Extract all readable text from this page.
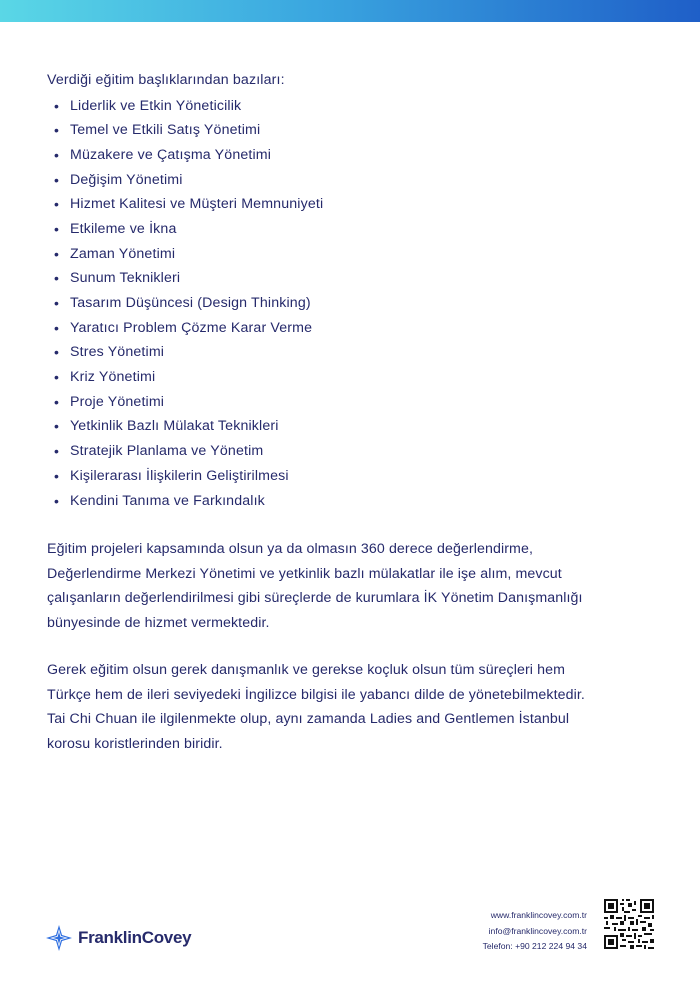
Verdiği eğitim başlıklarından bazıları:

• Liderlik ve Etkin Yöneticilik
• Temel ve Etkili Satış Yönetimi
• Müzakere ve Çatışma Yönetimi
• Değişim Yönetimi
• Hizmet Kalitesi ve Müşteri Memnuniyeti
• Etkileme ve İkna
• Zaman Yönetimi
• Sunum Teknikleri
• Tasarım Düşüncesi (Design Thinking)
• Yaratıcı Problem Çözme Karar Verme
• Stres Yönetimi
• Kriz Yönetimi
• Proje Yönetimi
• Yetkinlik Bazlı Mülakat Teknikleri
• Stratejik Planlama ve Yönetim
• Kişilerarası İlişkilerin Geliştirilmesi
• Kendini Tanıma ve Farkındalık
Eğitim projeleri kapsamında olsun ya da olmasın 360 derece değerlendirme,
Değerlendirme Merkezi Yönetimi ve yetkinlik bazlı mülakatlar ile işe alım, mevcut
çalışanların değerlendirilmesi gibi süreçlerde de kurumlara İK Yönetim Danışmanlığı
bünyesinde de hizmet vermektedir.
Gerek eğitim olsun gerek danışmanlık ve gerekse koçluk olsun tüm süreçleri hem
Türkçe hem de ileri seviyedeki İngilizce bilgisi ile yabancı dilde de yönetebilmektedir.
Tai Chi Chuan ile ilgilenmekte olup, aynı zamanda Ladies and Gentlemen İstanbul
korosu koristlerinden biridir.
FranklinCovey
www.franklincovey.com.tr
info@franklincovey.com.tr
Telefon: +90 212 224 94 34
